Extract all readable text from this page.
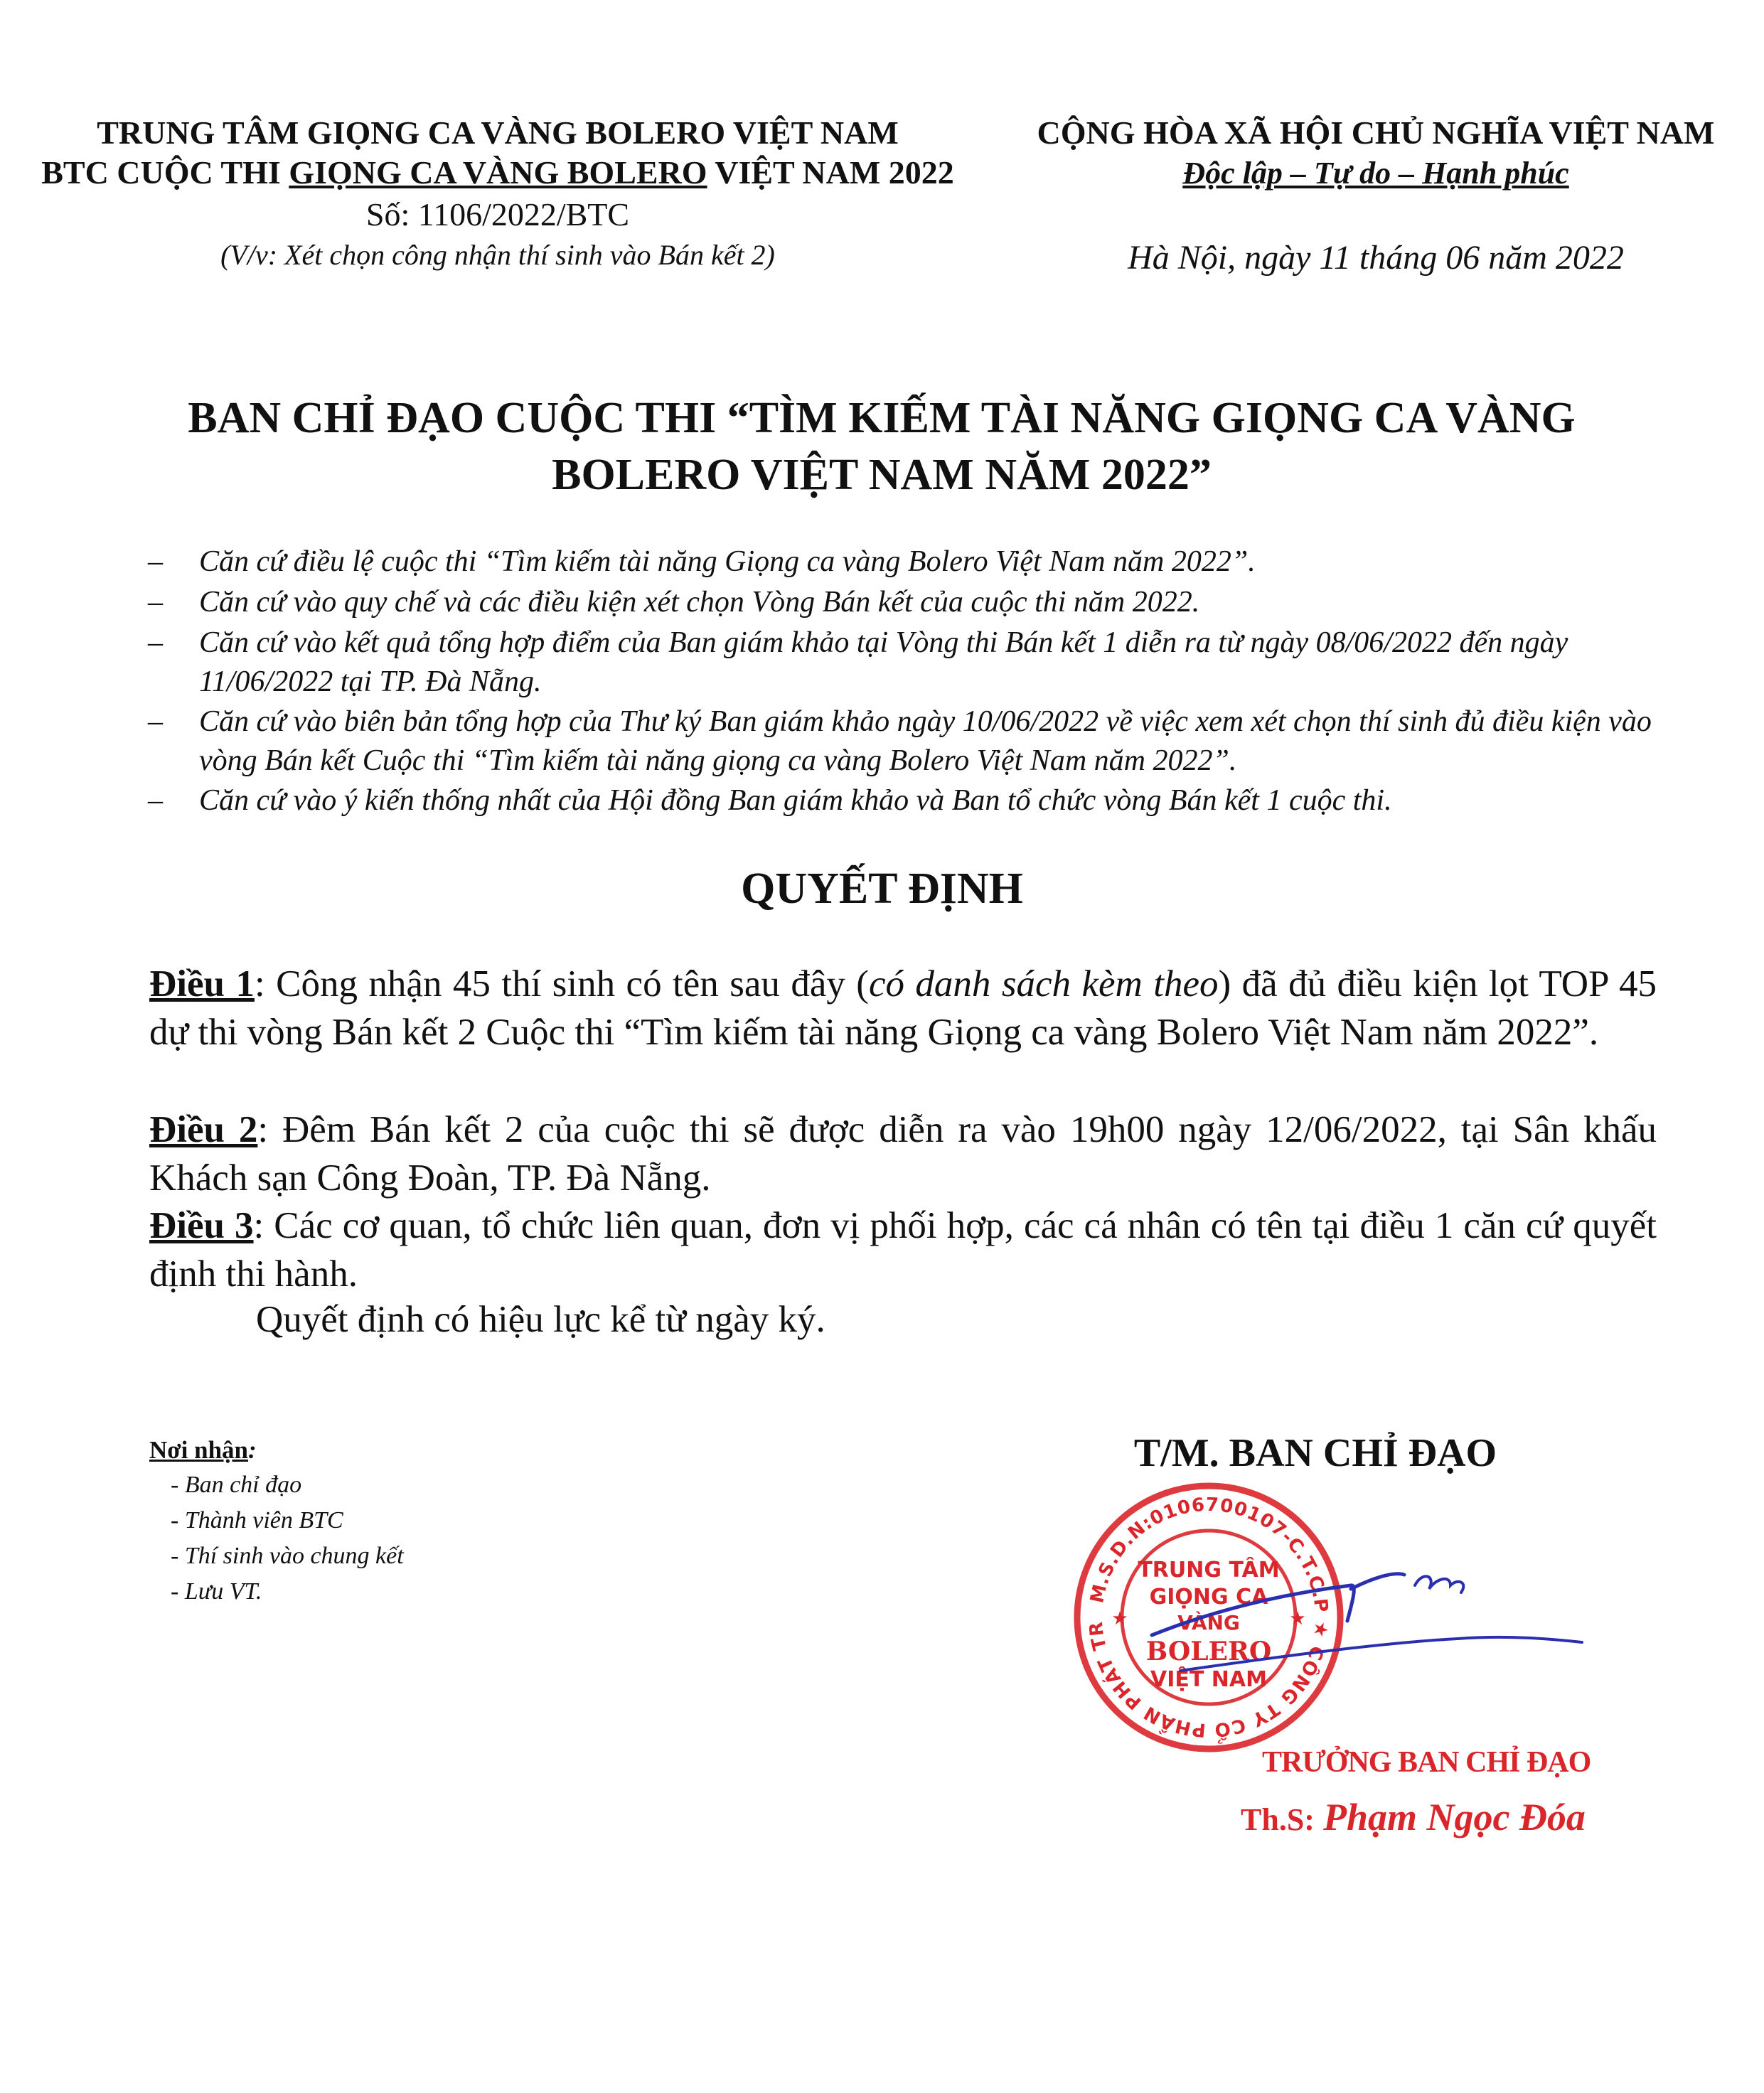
TRUNG TÂM GIỌNG CA VÀNG BOLERO VIỆT NAM
BTC CUỘC THI GIỌNG CA VÀNG BOLERO VIỆT NAM 2022
Số: 1106/2022/BTC
(V/v: Xét chọn công nhận thí sinh vào Bán kết 2)
CỘNG HÒA XÃ HỘI CHỦ NGHĨA VIỆT NAM
Độc lập – Tự do – Hạnh phúc
Hà Nội, ngày 11 tháng 06 năm 2022
BAN CHỈ ĐẠO CUỘC THI “TÌM KIẾM TÀI NĂNG GIỌNG CA VÀNG
BOLERO VIỆT NAM NĂM 2022”
– Căn cứ điều lệ cuộc thi “Tìm kiếm tài năng Giọng ca vàng Bolero Việt Nam năm 2022”.
– Căn cứ vào quy chế và các điều kiện xét chọn Vòng Bán kết của cuộc thi năm 2022.
– Căn cứ vào kết quả tổng hợp điểm của Ban giám khảo tại Vòng thi Bán kết 1 diễn ra từ ngày 08/06/2022 đến ngày 11/06/2022 tại TP. Đà Nẵng.
– Căn cứ vào biên bản tổng hợp của Thư ký Ban giám khảo ngày 10/06/2022 về việc xem xét chọn thí sinh đủ điều kiện vào vòng Bán kết Cuộc thi “Tìm kiếm tài năng giọng ca vàng Bolero Việt Nam năm 2022”.
– Căn cứ vào ý kiến thống nhất của Hội đồng Ban giám khảo và Ban tổ chức vòng Bán kết 1 cuộc thi.
QUYẾT ĐỊNH
Điều 1: Công nhận 45 thí sinh có tên sau đây (có danh sách kèm theo) đã đủ điều kiện lọt TOP 45 dự thi vòng Bán kết 2 Cuộc thi “Tìm kiếm tài năng Giọng ca vàng Bolero Việt Nam năm 2022”.
Điều 2: Đêm Bán kết 2 của cuộc thi sẽ được diễn ra vào 19h00 ngày 12/06/2022, tại Sân khấu Khách sạn Công Đoàn, TP. Đà Nẵng.
Điều 3: Các cơ quan, tổ chức liên quan, đơn vị phối hợp, các cá nhân có tên tại điều 1 căn cứ quyết định thi hành.
Quyết định có hiệu lực kể từ ngày ký.
Nơi nhận:
- Ban chỉ đạo
- Thành viên BTC
- Thí sinh vào chung kết
- Lưu VT.
T/M. BAN CHỈ ĐẠO
M.S.D.N:0106700107-C.T.C.P ★ CÔNG TY CỔ PHẦN PHÁT TR
TRUNG TÂM
GIỌNG CA
VÀNG
BOLERO
VIỆT NAM
★	★
TRƯỞNG BAN CHỈ ĐẠO
Th.S: Phạm Ngọc Đóa
